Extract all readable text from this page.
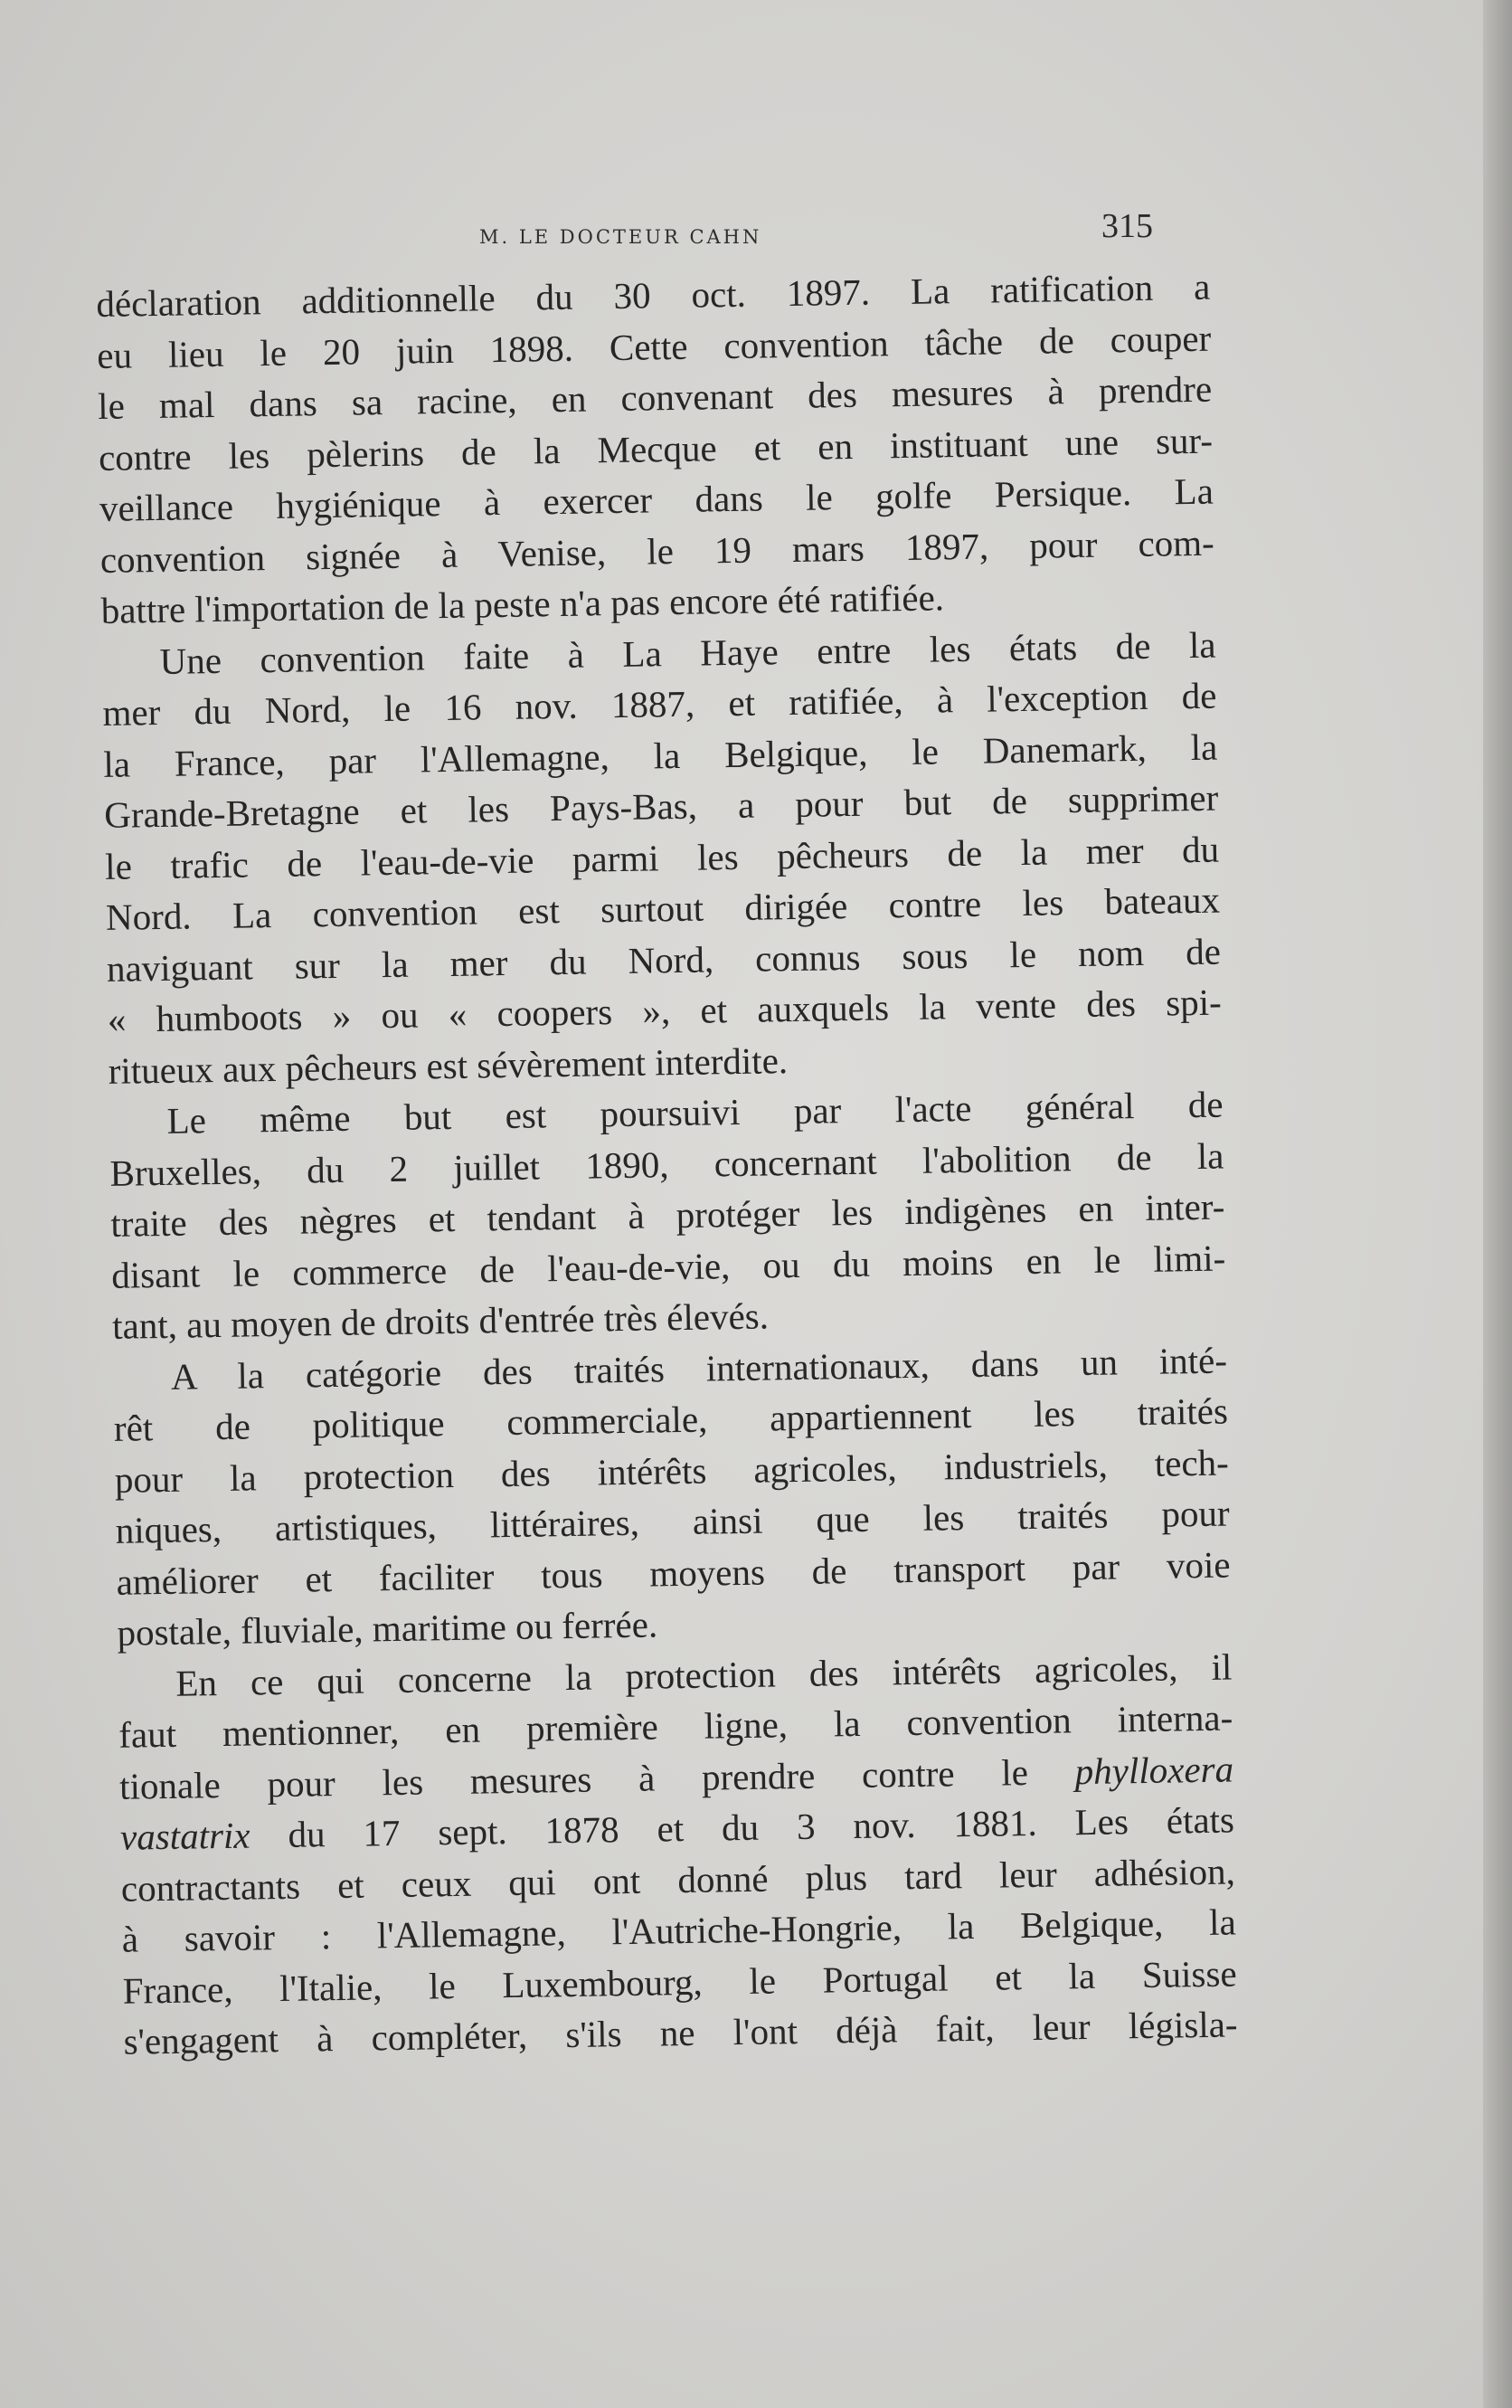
M. LE DOCTEUR CAHN	315
déclaration additionnelle du 30 oct. 1897. La ratification a
eu lieu le 20 juin 1898. Cette convention tâche de couper
le mal dans sa racine, en convenant des mesures à prendre
contre les pèlerins de la Mecque et en instituant une sur-
veillance hygiénique à exercer dans le golfe Persique. La
convention signée à Venise, le 19 mars 1897, pour com-
battre l'importation de la peste n'a pas encore été ratifiée.
Une convention faite à La Haye entre les états de la
mer du Nord, le 16 nov. 1887, et ratifiée, à l'exception de
la France, par l'Allemagne, la Belgique, le Danemark, la
Grande-Bretagne et les Pays-Bas, a pour but de supprimer
le trafic de l'eau-de-vie parmi les pêcheurs de la mer du
Nord. La convention est surtout dirigée contre les bateaux
naviguant sur la mer du Nord, connus sous le nom de
« humboots » ou « coopers », et auxquels la vente des spi-
ritueux aux pêcheurs est sévèrement interdite.
Le même but est poursuivi par l'acte général de
Bruxelles, du 2 juillet 1890, concernant l'abolition de la
traite des nègres et tendant à protéger les indigènes en inter-
disant le commerce de l'eau-de-vie, ou du moins en le limi-
tant, au moyen de droits d'entrée très élevés.
A la catégorie des traités internationaux, dans un inté-
rêt de politique commerciale, appartiennent les traités
pour la protection des intérêts agricoles, industriels, tech-
niques, artistiques, littéraires, ainsi que les traités pour
améliorer et faciliter tous moyens de transport par voie
postale, fluviale, maritime ou ferrée.
En ce qui concerne la protection des intérêts agricoles, il
faut mentionner, en première ligne, la convention interna-
tionale pour les mesures à prendre contre le phylloxera
vastatrix du 17 sept. 1878 et du 3 nov. 1881. Les états
contractants et ceux qui ont donné plus tard leur adhésion,
à savoir : l'Allemagne, l'Autriche-Hongrie, la Belgique, la
France, l'Italie, le Luxembourg, le Portugal et la Suisse
s'engagent à compléter, s'ils ne l'ont déjà fait, leur législa-
